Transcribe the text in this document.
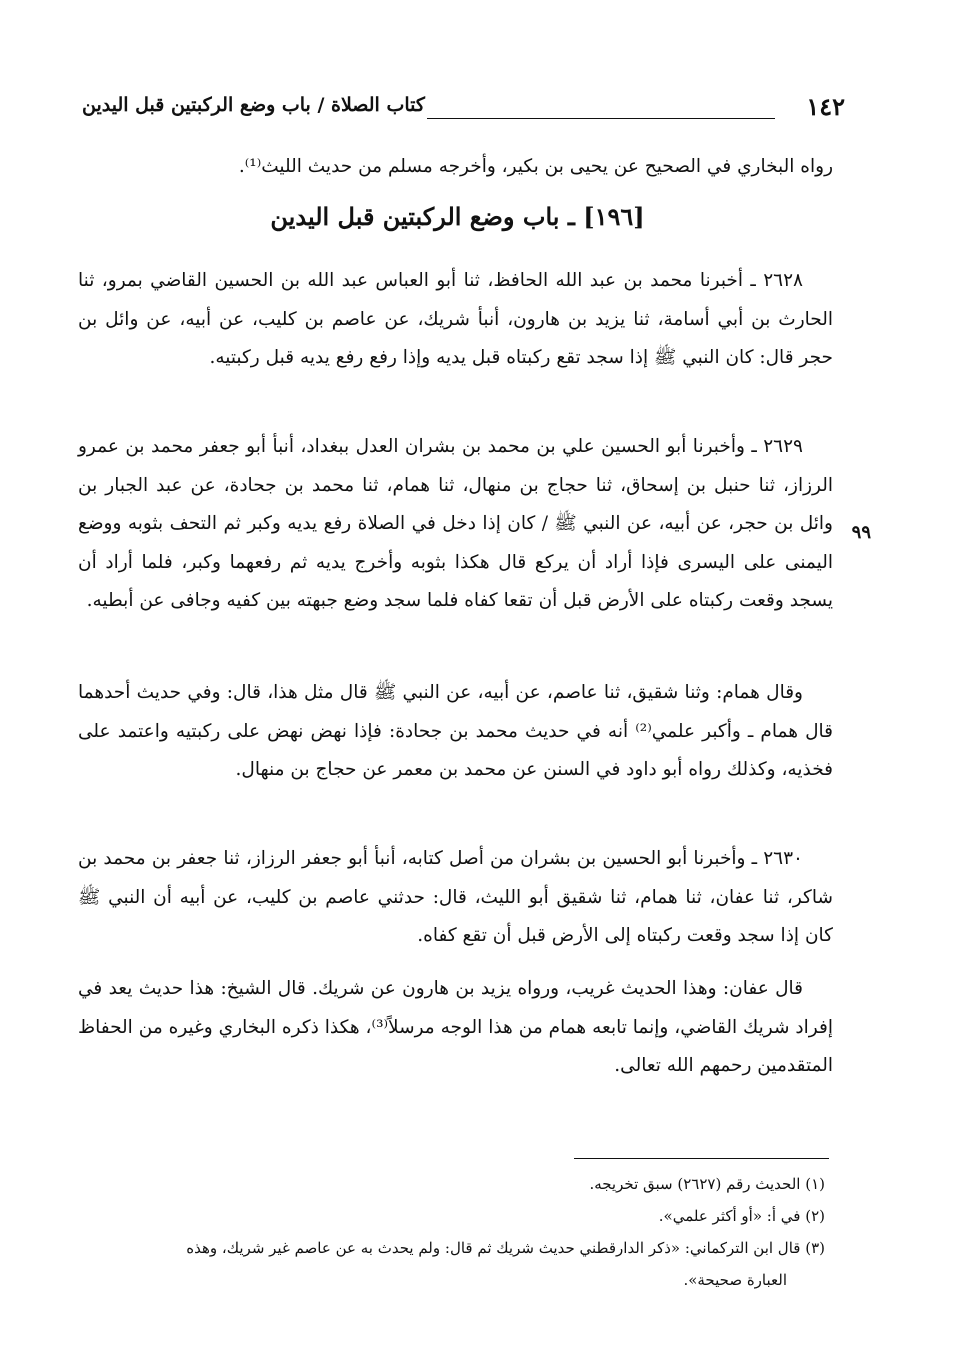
١٤٢
كتاب الصلاة / باب وضع الركبتين قبل اليدين

رواه البخاري في الصحيح عن يحيى بن بكير، وأخرجه مسلم من حديث الليث⁽¹⁾.

[١٩٦] ـ باب وضع الركبتين قبل اليدين

٢٦٢٨ ـ أخبرنا محمد بن عبد الله الحافظ، ثنا أبو العباس عبد الله بن الحسين القاضي بمرو، ثنا الحارث بن أبي أسامة، ثنا يزيد بن هارون، أنبأ شريك، عن عاصم بن كليب، عن أبيه، عن وائل بن حجر قال: كان النبي ﷺ إذا سجد تقع ركبتاه قبل يديه وإذا رفع رفع يديه قبل ركبتيه.

٢٦٢٩ ـ وأخبرنا أبو الحسين علي بن محمد بن بشران العدل ببغداد، أنبأ أبو جعفر محمد بن عمرو الرزاز، ثنا حنبل بن إسحاق، ثنا حجاج بن منهال، ثنا همام، ثنا محمد بن جحادة، عن عبد الجبار بن وائل بن حجر، عن أبيه، عن النبي ﷺ / كان إذا دخل في الصلاة رفع يديه وكبر ثم التحف بثوبه ووضع اليمنى على اليسرى فإذا أراد أن يركع قال هكذا بثوبه وأخرج يديه ثم رفعهما وكبر، فلما أراد أن يسجد وقعت ركبتاه على الأرض قبل أن تقعا كفاه فلما سجد وضع جبهته بين كفيه وجافى عن أبطيه.

٩٩

وقال همام: وثنا شقيق، ثنا عاصم، عن أبيه، عن النبي ﷺ قال مثل هذا، قال: وفي حديث أحدهما قال همام ـ وأكبر علمي⁽²⁾ أنه في حديث محمد بن جحادة: فإذا نهض نهض على ركبتيه واعتمد على فخذيه، وكذلك رواه أبو داود في السنن عن محمد بن معمر عن حجاج بن منهال.

٢٦٣٠ ـ وأخبرنا أبو الحسين بن بشران من أصل كتابه، أنبأ أبو جعفر الرزاز، ثنا جعفر بن محمد بن شاكر، ثنا عفان، ثنا همام، ثنا شقيق أبو الليث، قال: حدثني عاصم بن كليب، عن أبيه أن النبي ﷺ كان إذا سجد وقعت ركبتاه إلى الأرض قبل أن تقع كفاه.

قال عفان: وهذا الحديث غريب، ورواه يزيد بن هارون عن شريك. قال الشيخ: هذا حديث يعد في إفراد شريك القاضي، وإنما تابعه همام من هذا الوجه مرسلاً⁽³⁾، هكذا ذكره البخاري وغيره من الحفاظ المتقدمين رحمهم الله تعالى.

(١) الحديث رقم (٢٦٢٧) سبق تخريجه.

(٢) في أ: «أو أكثر علمي».

(٣) قال ابن التركماني: «ذكر الدارقطني حديث شريك ثم قال: ولم يحدث به عن عاصم غير شريك، وهذه

العبارة صحيحة».
